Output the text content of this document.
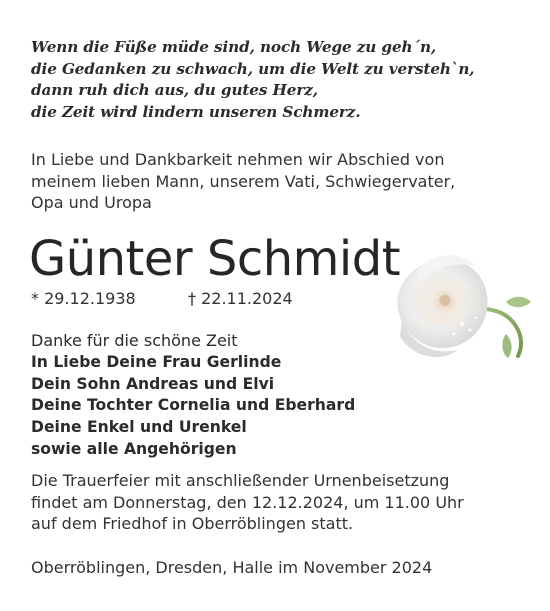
Wenn die Füße müde sind, noch Wege zu geh´n,
die Gedanken zu schwach, um die Welt zu versteh`n,
dann ruh dich aus, du gutes Herz,
die Zeit wird lindern unseren Schmerz.
In Liebe und Dankbarkeit nehmen wir Abschied von
meinem lieben Mann, unserem Vati, Schwiegervater,
Opa und Uropa
Günter Schmidt
* 29.12.1938	† 22.11.2024
Danke für die schöne Zeit
In Liebe Deine Frau Gerlinde
Dein Sohn Andreas und Elvi
Deine Tochter Cornelia und Eberhard
Deine Enkel und Urenkel
sowie alle Angehörigen
Die Trauerfeier mit anschließender Urnenbeisetzung
findet am Donnerstag, den 12.12.2024, um 11.00 Uhr
auf dem Friedhof in Oberröblingen statt.
Oberröblingen, Dresden, Halle im November 2024
